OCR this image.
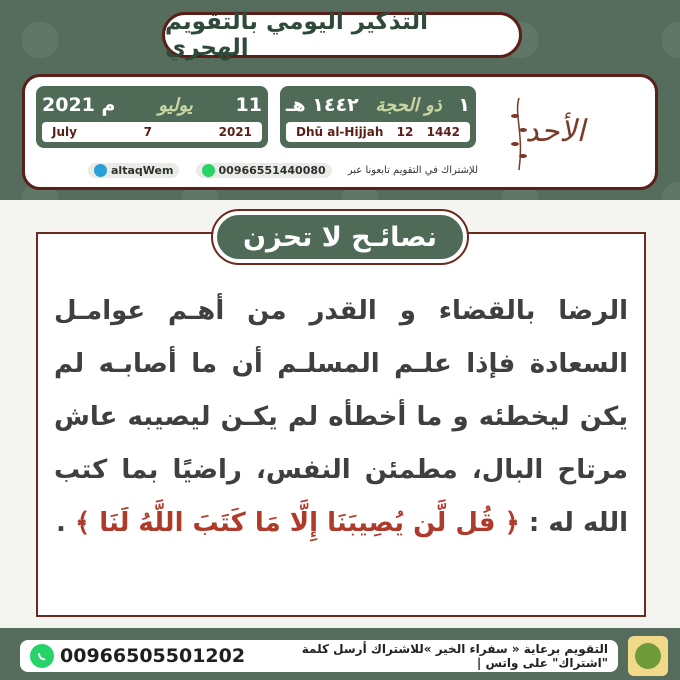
التذكير اليومي بالتقويم الهجري
2021 م يوليو 11
July	7	2021
١٤٤٢ هـ	ذو الحجة ١
Dhū al-Hijjah 12 1442	الأحد
altaqWem	00966551440080 للإشتراك في التقويم تابعونا عبر
نصائـح لا تحزن
الرضا بالقضاء و القدر من أهـم عوامـل السعادة فإذا علـم المسلـم أن ما أصابـه لم يكن ليخطئه و ما أخطأه لم يكـن ليصيبه عاش مرتاح البال، مطمئن النفس، راضيًا بما كتب الله له : ﴿ قُل لَّن يُصِيبَنَا إِلَّا مَا كَتَبَ اللَّهُ لَنَا ﴾ .
00966505501202	التقويم برعاية « سفراء الخير »للاشتراك أرسل كلمة "اشتراك" على واتس |
